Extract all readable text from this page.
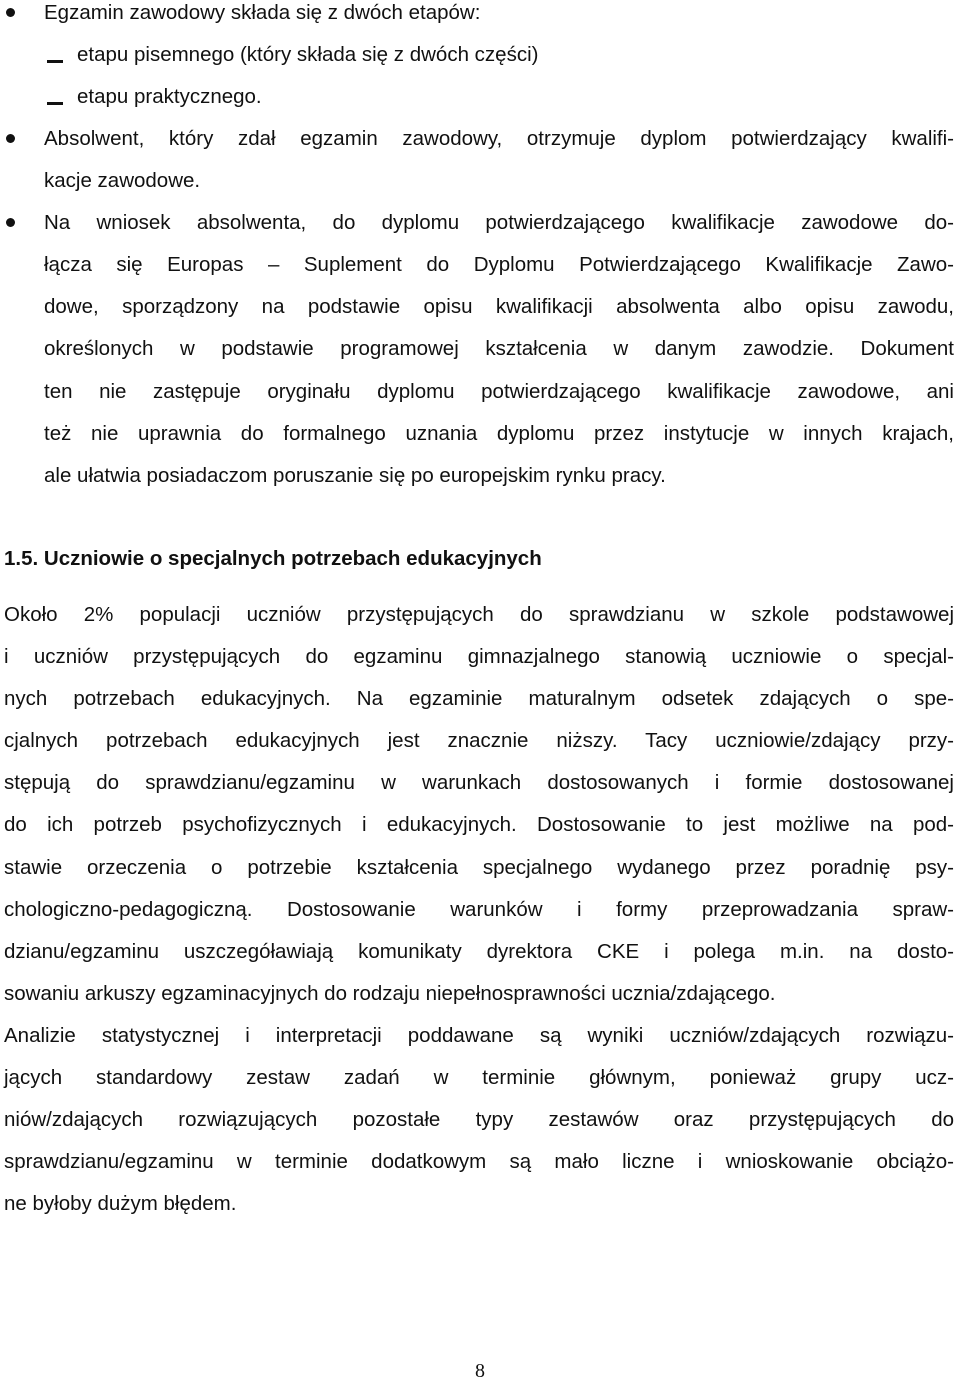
Egzamin zawodowy składa się z dwóch etapów:
etapu pisemnego (który składa się z dwóch części)
etapu praktycznego.
Absolwent, który zdał egzamin zawodowy, otrzymuje dyplom potwierdzający kwalifi-
kacje zawodowe.
Na wniosek absolwenta, do dyplomu potwierdzającego kwalifikacje zawodowe do-
łącza się Europas – Suplement do Dyplomu Potwierdzającego Kwalifikacje Zawo-
dowe, sporządzony na podstawie opisu kwalifikacji absolwenta albo opisu zawodu,
określonych w podstawie programowej kształcenia w danym zawodzie. Dokument
ten nie zastępuje oryginału dyplomu potwierdzającego kwalifikacje zawodowe, ani
też nie uprawnia do formalnego uznania dyplomu przez instytucje w innych krajach,
ale ułatwia posiadaczom poruszanie się po europejskim rynku pracy.
1.5. Uczniowie o specjalnych potrzebach edukacyjnych
Około 2% populacji uczniów przystępujących do sprawdzianu w szkole podstawowej
i uczniów przystępujących do egzaminu gimnazjalnego stanowią uczniowie o specjal-
nych potrzebach edukacyjnych. Na egzaminie maturalnym odsetek zdających o spe-
cjalnych potrzebach edukacyjnych jest znacznie niższy. Tacy uczniowie/zdający przy-
stępują do sprawdzianu/egzaminu w warunkach dostosowanych i formie dostosowanej
do ich potrzeb psychofizycznych i edukacyjnych. Dostosowanie to jest możliwe na pod-
stawie orzeczenia o potrzebie kształcenia specjalnego wydanego przez poradnię psy-
chologiczno-pedagogiczną. Dostosowanie warunków i formy przeprowadzania spraw-
dzianu/egzaminu uszczegóławiają komunikaty dyrektora CKE i polega m.in. na dosto-
sowaniu arkuszy egzaminacyjnych do rodzaju niepełnosprawności ucznia/zdającego.
Analizie statystycznej i interpretacji poddawane są wyniki uczniów/zdających rozwiązu-
jących standardowy zestaw zadań w terminie głównym, ponieważ grupy ucz-
niów/zdających rozwiązujących pozostałe typy zestawów oraz przystępujących do
sprawdzianu/egzaminu w terminie dodatkowym są mało liczne i wnioskowanie obciążo-
ne byłoby dużym błędem.
8
